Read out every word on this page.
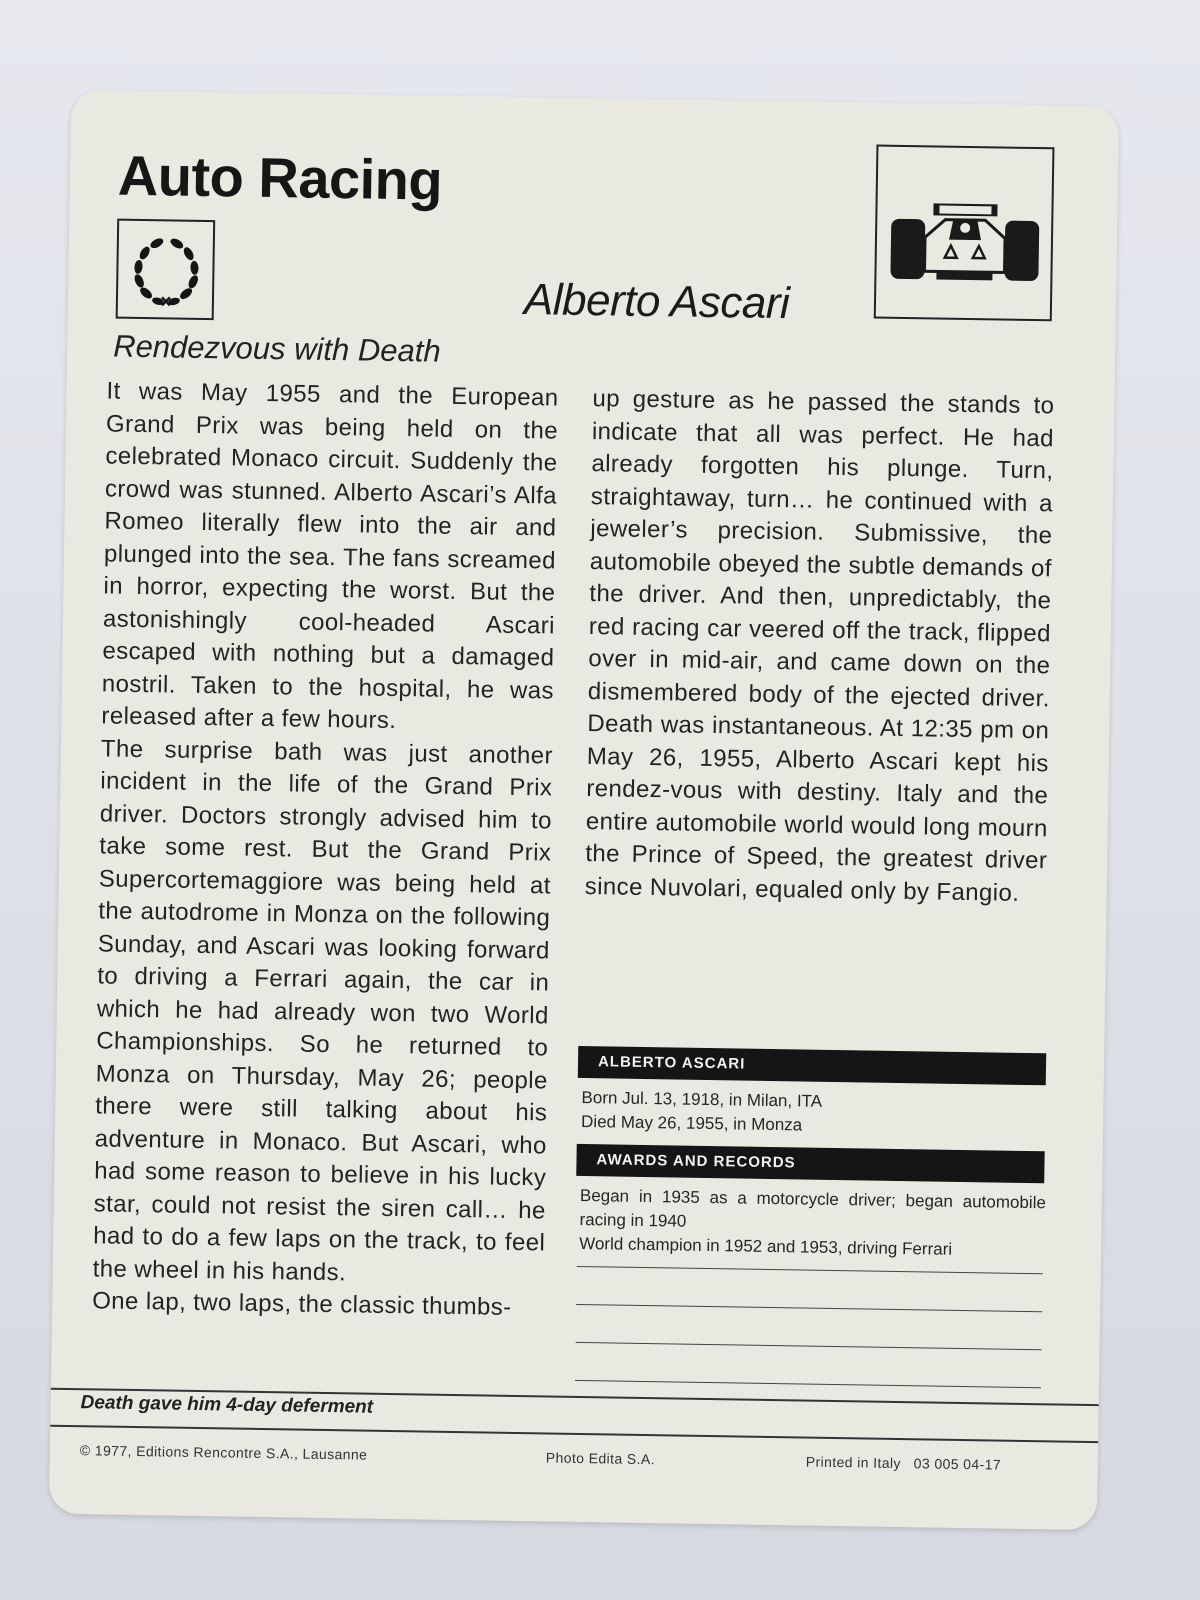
Auto Racing
Alberto Ascari
Rendezvous with Death

It was May 1955 and the European Grand Prix was being held on the celebrated Monaco circuit. Suddenly the crowd was stunned. Alberto Ascari’s Alfa Romeo literally flew into the air and plunged into the sea. The fans screamed in horror, expecting the worst. But the astonishingly cool-headed Ascari escaped with nothing but a damaged nostril. Taken to the hospital, he was released after a few hours.

The surprise bath was just another incident in the life of the Grand Prix driver. Doctors strongly advised him to take some rest. But the Grand Prix Supercortemaggiore was being held at the autodrome in Monza on the following Sunday, and Ascari was looking forward to driving a Ferrari again, the car in which he had already won two World Championships. So he returned to Monza on Thursday, May 26; people there were still talking about his adventure in Monaco. But Ascari, who had some reason to believe in his lucky star, could not resist the siren call… he had to do a few laps on the track, to feel the wheel in his hands.

One lap, two laps, the classic thumbs-

up gesture as he passed the stands to indicate that all was perfect. He had already forgotten his plunge. Turn, straightaway, turn… he continued with a jeweler’s precision. Submissive, the automobile obeyed the subtle demands of the driver. And then, unpredictably, the red racing car veered off the track, flipped over in mid-air, and came down on the dismembered body of the ejected driver. Death was instantaneous. At 12:35 pm on May 26, 1955, Alberto Ascari kept his rendez-vous with destiny. Italy and the entire automobile world would long mourn the Prince of Speed, the greatest driver since Nuvolari, equaled only by Fangio.

ALBERTO ASCARI

Born Jul. 13, 1918, in Milan, ITA

Died May 26, 1955, in Monza

AWARDS AND RECORDS

Began in 1935 as a motorcycle driver; began automobile racing in 1940

World champion in 1952 and 1953, driving Ferrari

Death gave him 4-day deferment
© 1977, Editions Rencontre S.A., Lausanne	Photo Edita S.A.	Printed in Italy   03 005 04-17
